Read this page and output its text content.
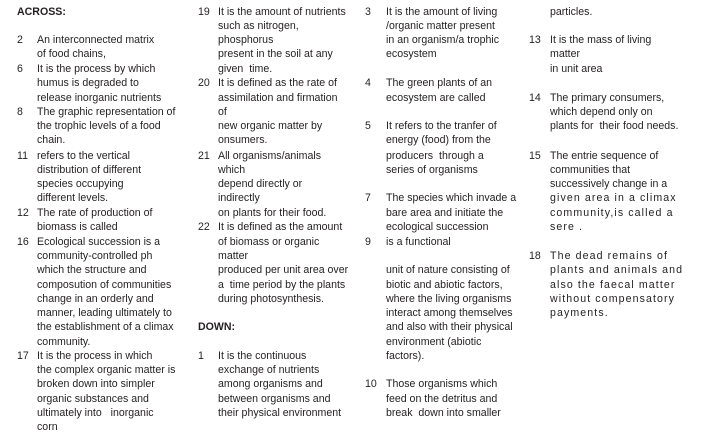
ACROSS:
2 An interconnected matrix
of food chains,
6 It is the process by which
humus is degraded to
release inorganic nutrients
8 The graphic representation of
the trophic levels of a food
chain.
11 refers to the vertical
distribution of different
species occupying
different levels.
12 The rate of production of
biomass is called
16 Ecological succession is a
community-controlled ph
which the structure and
composution of communities
change in an orderly and
manner, leading ultimately to
the establishment of a climax
community.
17 It is the process in which
the complex organic matter is
broken down into simpler
organic substances and
ultimately into   inorganic
corn
19 It is the amount of nutrients
such as nitrogen,
phosphorus
present in the soil at any
given  time.
20 It is defined as the rate of
assimilation and firmation
of
new organic matter by
onsumers.
21 All organisms/animals
which
depend directly or
indirectly
on plants for their food.
22 It is defined as the amount
of biomass or organic
matter
produced per unit area over
a  time period by the plants
during photosynthesis.
DOWN:
1 It is the continuous
exchange of nutrients
among organisms and
between organisms and
their physical environment
3 It is the amount of living
/organic matter present
in an organism/a trophic
ecosystem
4 The green plants of an
ecosystem are called
5 It refers to the tranfer of
energy (food) from the
producers  through a
series of organisms
7 The species which invade a
bare area and initiate the
ecological succession
9 is a functional
unit of nature consisting of
biotic and abiotic factors,
where the living organisms
interact among themselves
and also with their physical
environment (abiotic
factors).
10 Those organisms which
feed on the detritus and
break  down into smaller
particles.
13 It is the mass of living
matter
in unit area
14 The primary consumers,
which depend only on
plants for  their food needs.
15 The entrie sequence of
communities that
successively change in a
given area in a climax
community,is called a
sere .
18 The dead remains of
plants and animals and
also the faecal matter
without compensatory
payments.
